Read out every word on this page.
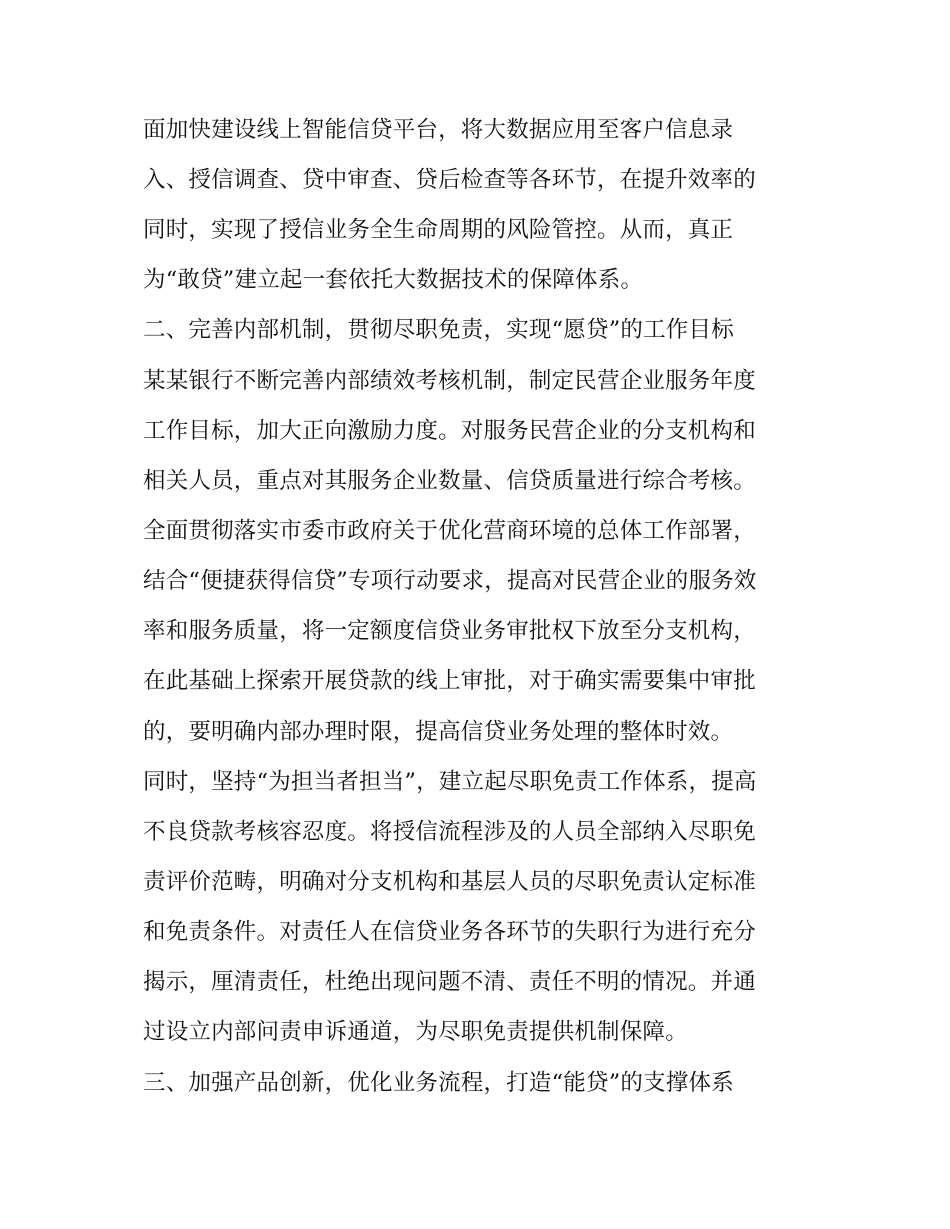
面加快建设线上智能信贷平台，将大数据应用至客户信息录
入、授信调查、贷中审查、贷后检查等各环节，在提升效率的
同时，实现了授信业务全生命周期的风险管控。从而，真正
为“敢贷”建立起一套依托大数据技术的保障体系。
二、完善内部机制，贯彻尽职免责，实现“愿贷”的工作目标
某某银行不断完善内部绩效考核机制，制定民营企业服务年度
工作目标，加大正向激励力度。对服务民营企业的分支机构和
相关人员，重点对其服务企业数量、信贷质量进行综合考核。
全面贯彻落实市委市政府关于优化营商环境的总体工作部署，
结合“便捷获得信贷”专项行动要求，提高对民营企业的服务效
率和服务质量，将一定额度信贷业务审批权下放至分支机构，
在此基础上探索开展贷款的线上审批，对于确实需要集中审批
的，要明确内部办理时限，提高信贷业务处理的整体时效。
同时，坚持“为担当者担当”，建立起尽职免责工作体系，提高
不良贷款考核容忍度。将授信流程涉及的人员全部纳入尽职免
责评价范畴，明确对分支机构和基层人员的尽职免责认定标准
和免责条件。对责任人在信贷业务各环节的失职行为进行充分
揭示，厘清责任，杜绝出现问题不清、责任不明的情况。并通
过设立内部问责申诉通道，为尽职免责提供机制保障。
三、加强产品创新，优化业务流程，打造“能贷”的支撑体系
